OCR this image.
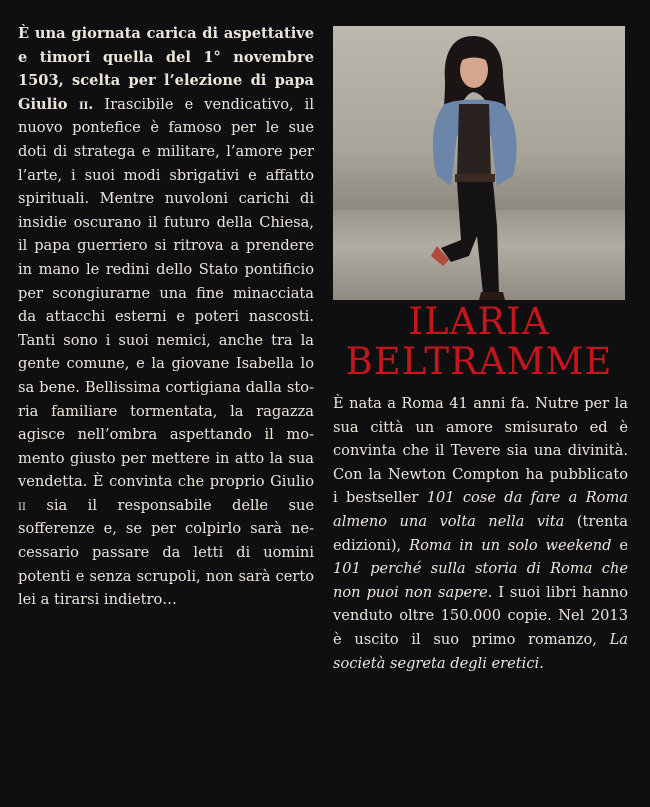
È una giornata carica di aspettative e timori quella del 1° novembre 1503, scelta per l’elezione di papa Giulio ii. Irascibile e vendicativo, il nuovo pontefice è famoso per le sue doti di stratega e militare, l’amore per l’arte, i suoi modi sbrigativi e affatto spirituali. Mentre nuvoloni carichi di insidie oscurano il futuro della Chiesa, il papa guerriero si ritrova a prendere in mano le redini dello Stato pontificio per scongiurarne una fine minacciata da attacchi esterni e poteri nascosti. Tanti sono i suoi nemici, anche tra la gente comune, e la giovane Isabella lo sa bene. Bellissima cortigiana dalla storia familiare tormentata, la ragazza agisce nell’ombra aspettando il momento giusto per mettere in atto la sua vendetta. È convinta che proprio Giulio ii sia il responsabile delle sue sofferenze e, se per colpirlo sarà necessario passare da letti di uomini potenti e senza scrupoli, non sarà certo lei a tirarsi indietro…
ILARIA
BELTRAMME
È nata a Roma 41 anni fa. Nutre per la sua città un amore smisurato ed è convinta che il Tevere sia una divinità. Con la Newton Compton ha pubblicato i bestseller 101 cose da fare a Roma almeno una volta nella vita (trenta edizioni), Roma in un solo weekend e 101 perché sulla storia di Roma che non puoi non sapere. I suoi libri hanno venduto oltre 150.000 copie. Nel 2013 è uscito il suo primo romanzo, La società segreta degli eretici.
